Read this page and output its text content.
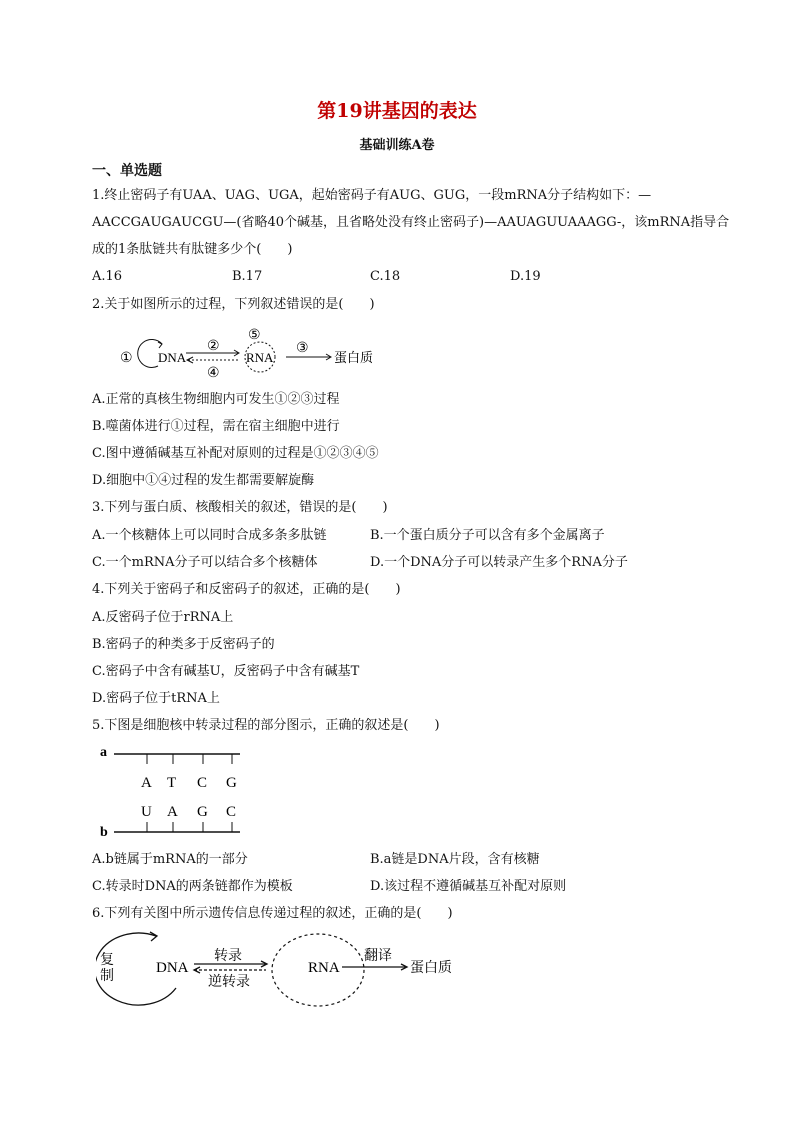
第19讲基因的表达
基础训练A卷
一、单选题
1.终止密码子有UAA、UAG、UGA，起始密码子有AUG、GUG，一段mRNA分子结构如下：—
AACCGAUGAUCGU—(省略40个碱基，且省略处没有终止密码子)—AAUAGUUAAAGG-，该mRNA指导合
成的1条肽链共有肽键多少个(　　)
A.16	B.17	C.18	D.19
2.关于如图所示的过程，下列叙述错误的是(　　)
① DNA
②
④
⑤
RNA
③
蛋白质
A.正常的真核生物细胞内可发生①②③过程
B.噬菌体进行①过程，需在宿主细胞中进行
C.图中遵循碱基互补配对原则的过程是①②③④⑤
D.细胞中①④过程的发生都需要解旋酶
3.下列与蛋白质、核酸相关的叙述，错误的是(　　)
A.一个核糖体上可以同时合成多条多肽链	B.一个蛋白质分子可以含有多个金属离子
C.一个mRNA分子可以结合多个核糖体	D.一个DNA分子可以转录产生多个RNA分子
4.下列关于密码子和反密码子的叙述，正确的是(　　)
A.反密码子位于rRNA上
B.密码子的种类多于反密码子的
C.密码子中含有碱基U，反密码子中含有碱基T
D.密码子位于tRNA上
5.下图是细胞核中转录过程的部分图示，正确的叙述是(　　)
a
A T C G
U A G C
b
A.b链属于mRNA的一部分	B.a链是DNA片段，含有核糖
C.转录时DNA的两条链都作为模板	D.该过程不遵循碱基互补配对原则
6.下列有关图中所示遗传信息传递过程的叙述，正确的是(　　)
复
制
DNA
转录
逆转录
RNA
翻译
蛋白质
